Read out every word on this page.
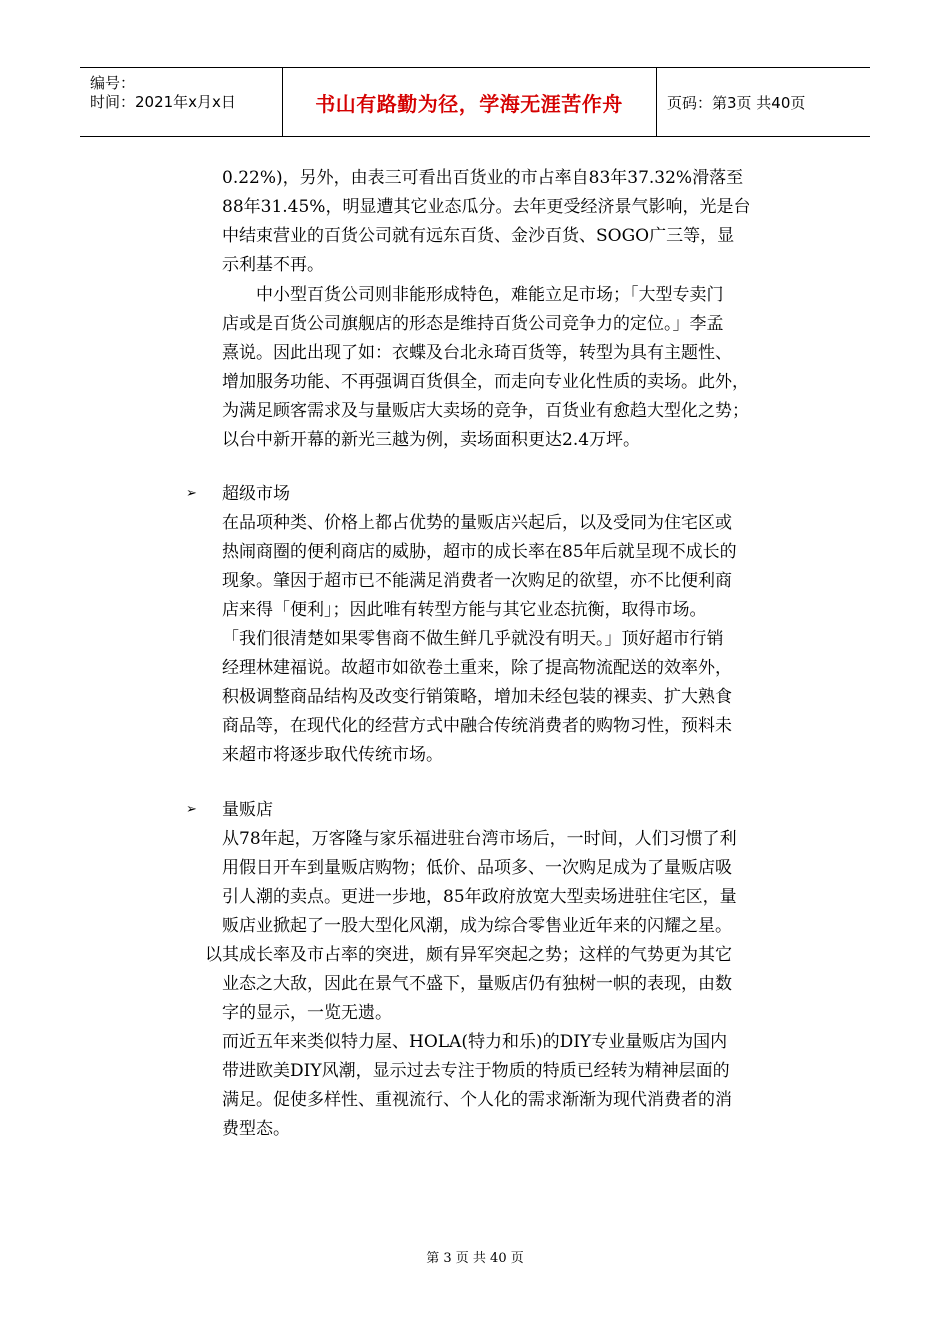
编号：
时间：2021年x月x日	书山有路勤为径，学海无涯苦作舟	页码：第3页 共40页
0.22%)，另外，由表三可看出百货业的市占率自83年37.32%滑落至
88年31.45%，明显遭其它业态瓜分。去年更受经济景气影响，光是台
中结束营业的百货公司就有远东百货、金沙百货、SOGO广三等，显
示利基不再。
中小型百货公司则非能形成特色，难能立足市场；「大型专卖门
店或是百货公司旗舰店的形态是维持百货公司竞争力的定位。」李孟
熹说。因此出现了如：衣蝶及台北永琦百货等，转型为具有主题性、
增加服务功能、不再强调百货俱全，而走向专业化性质的卖场。此外，
为满足顾客需求及与量贩店大卖场的竞争，百货业有愈趋大型化之势；
以台中新开幕的新光三越为例，卖场面积更达2.4万坪。
➢ 超级市场
在品项种类、价格上都占优势的量贩店兴起后，以及受同为住宅区或
热闹商圈的便利商店的威胁，超市的成长率在85年后就呈现不成长的
现象。肇因于超市已不能满足消费者一次购足的欲望，亦不比便利商
店来得「便利」；因此唯有转型方能与其它业态抗衡，取得市场。
「我们很清楚如果零售商不做生鲜几乎就没有明天。」顶好超市行销
经理林建福说。故超市如欲卷土重来，除了提高物流配送的效率外，
积极调整商品结构及改变行销策略，增加未经包装的裸卖、扩大熟食
商品等，在现代化的经营方式中融合传统消费者的购物习性，预料未
来超市将逐步取代传统市场。
➢ 量贩店
从78年起，万客隆与家乐福进驻台湾市场后，一时间，人们习惯了利
用假日开车到量贩店购物；低价、品项多、一次购足成为了量贩店吸
引人潮的卖点。更进一步地，85年政府放宽大型卖场进驻住宅区，量
贩店业掀起了一股大型化风潮，成为综合零售业近年来的闪耀之星。
以其成长率及市占率的突进，颇有异军突起之势；这样的气势更为其它
业态之大敌，因此在景气不盛下，量贩店仍有独树一帜的表现，由数
字的显示，一览无遗。
而近五年来类似特力屋、HOLA(特力和乐)的DIY专业量贩店为国内
带进欧美DIY风潮，显示过去专注于物质的特质已经转为精神层面的
满足。促使多样性、重视流行、个人化的需求渐渐为现代消费者的消
费型态。
第 3 页 共 40 页
